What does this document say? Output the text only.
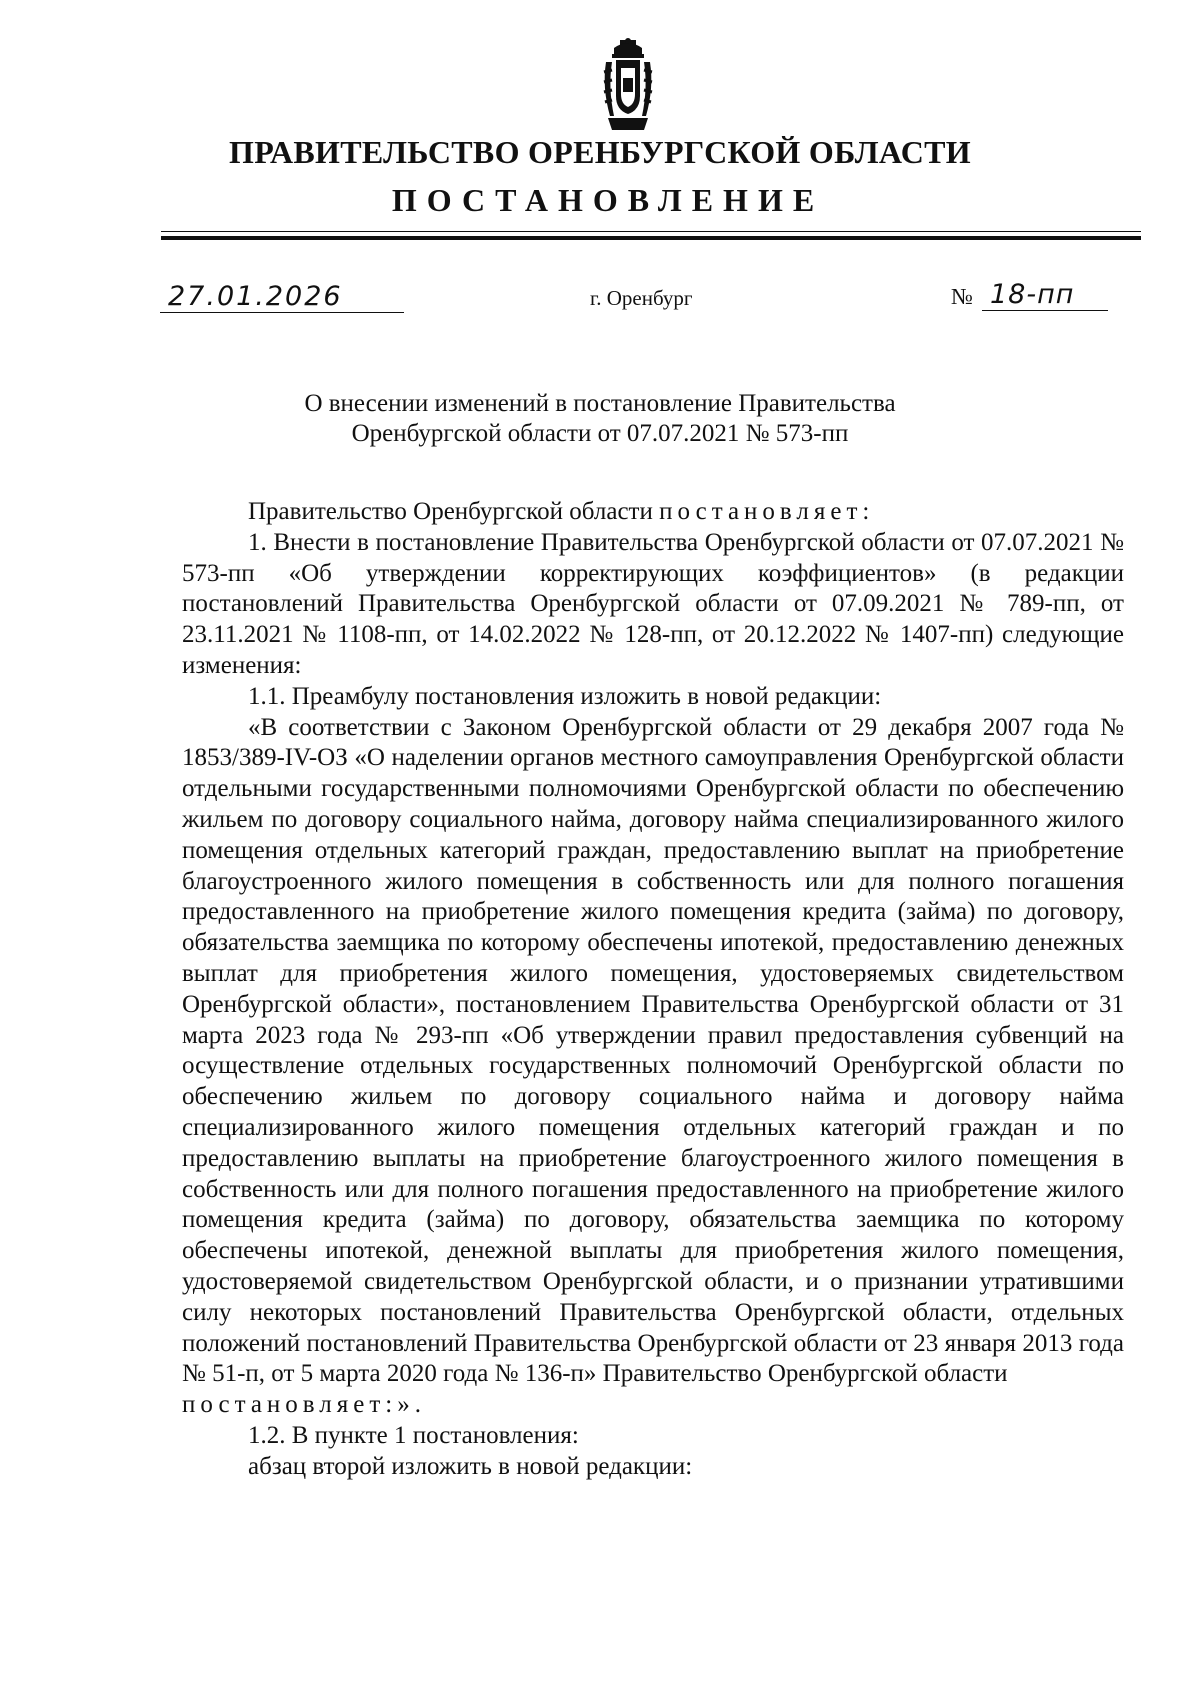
ПРАВИТЕЛЬСТВО ОРЕНБУРГСКОЙ ОБЛАСТИ
ПОСТАНОВЛЕНИЕ
27.01.2026	г. Оренбург	№ 18-пп
О внесении изменений в постановление Правительства
Оренбургской области от 07.07.2021 № 573-пп

Правительство Оренбургской области постановляет:

1. Внести в постановление Правительства Оренбургской области от 07.07.2021 № 573-пп «Об утверждении корректирующих коэффициентов» (в редакции постановлений Правительства Оренбургской области от 07.09.2021 № 789-пп, от 23.11.2021 № 1108-пп, от 14.02.2022 № 128-пп, от 20.12.2022 № 1407-пп) следующие изменения:

1.1. Преамбулу постановления изложить в новой редакции:

«В соответствии с Законом Оренбургской области от 29 декабря 2007 года № 1853/389-IV-ОЗ «О наделении органов местного самоуправления Оренбургской области отдельными государственными полномочиями Оренбургской области по обеспечению жильем по договору социального найма, договору найма специализированного жилого помещения отдельных категорий граждан, предоставлению выплат на приобретение благоустроенного жилого помещения в собственность или для полного погашения предоставленного на приобретение жилого помещения кредита (займа) по договору, обязательства заемщика по которому обеспечены ипотекой, предоставлению денежных выплат для приобретения жилого помещения, удостоверяемых свидетельством Оренбургской области», постановлением Правительства Оренбургской области от 31 марта 2023 года № 293-пп «Об утверждении правил предоставления субвенций на осуществление отдельных государственных полномочий Оренбургской области по обеспечению жильем по договору социального найма и договору найма специализированного жилого помещения отдельных категорий граждан и по предоставлению выплаты на приобретение благоустроенного жилого помещения в собственность или для полного погашения предоставленного на приобретение жилого помещения кредита (займа) по договору, обязательства заемщика по которому обеспечены ипотекой, денежной выплаты для приобретения жилого помещения, удостоверяемой свидетельством Оренбургской области, и о признании утратившими силу некоторых постановлений Правительства Оренбургской области, отдельных положений постановлений Правительства Оренбургской области от 23 января 2013 года № 51-п, от 5 марта 2020 года № 136-п» Правительство Оренбургской области
постановляет:».

1.2. В пункте 1 постановления:

абзац второй изложить в новой редакции:
